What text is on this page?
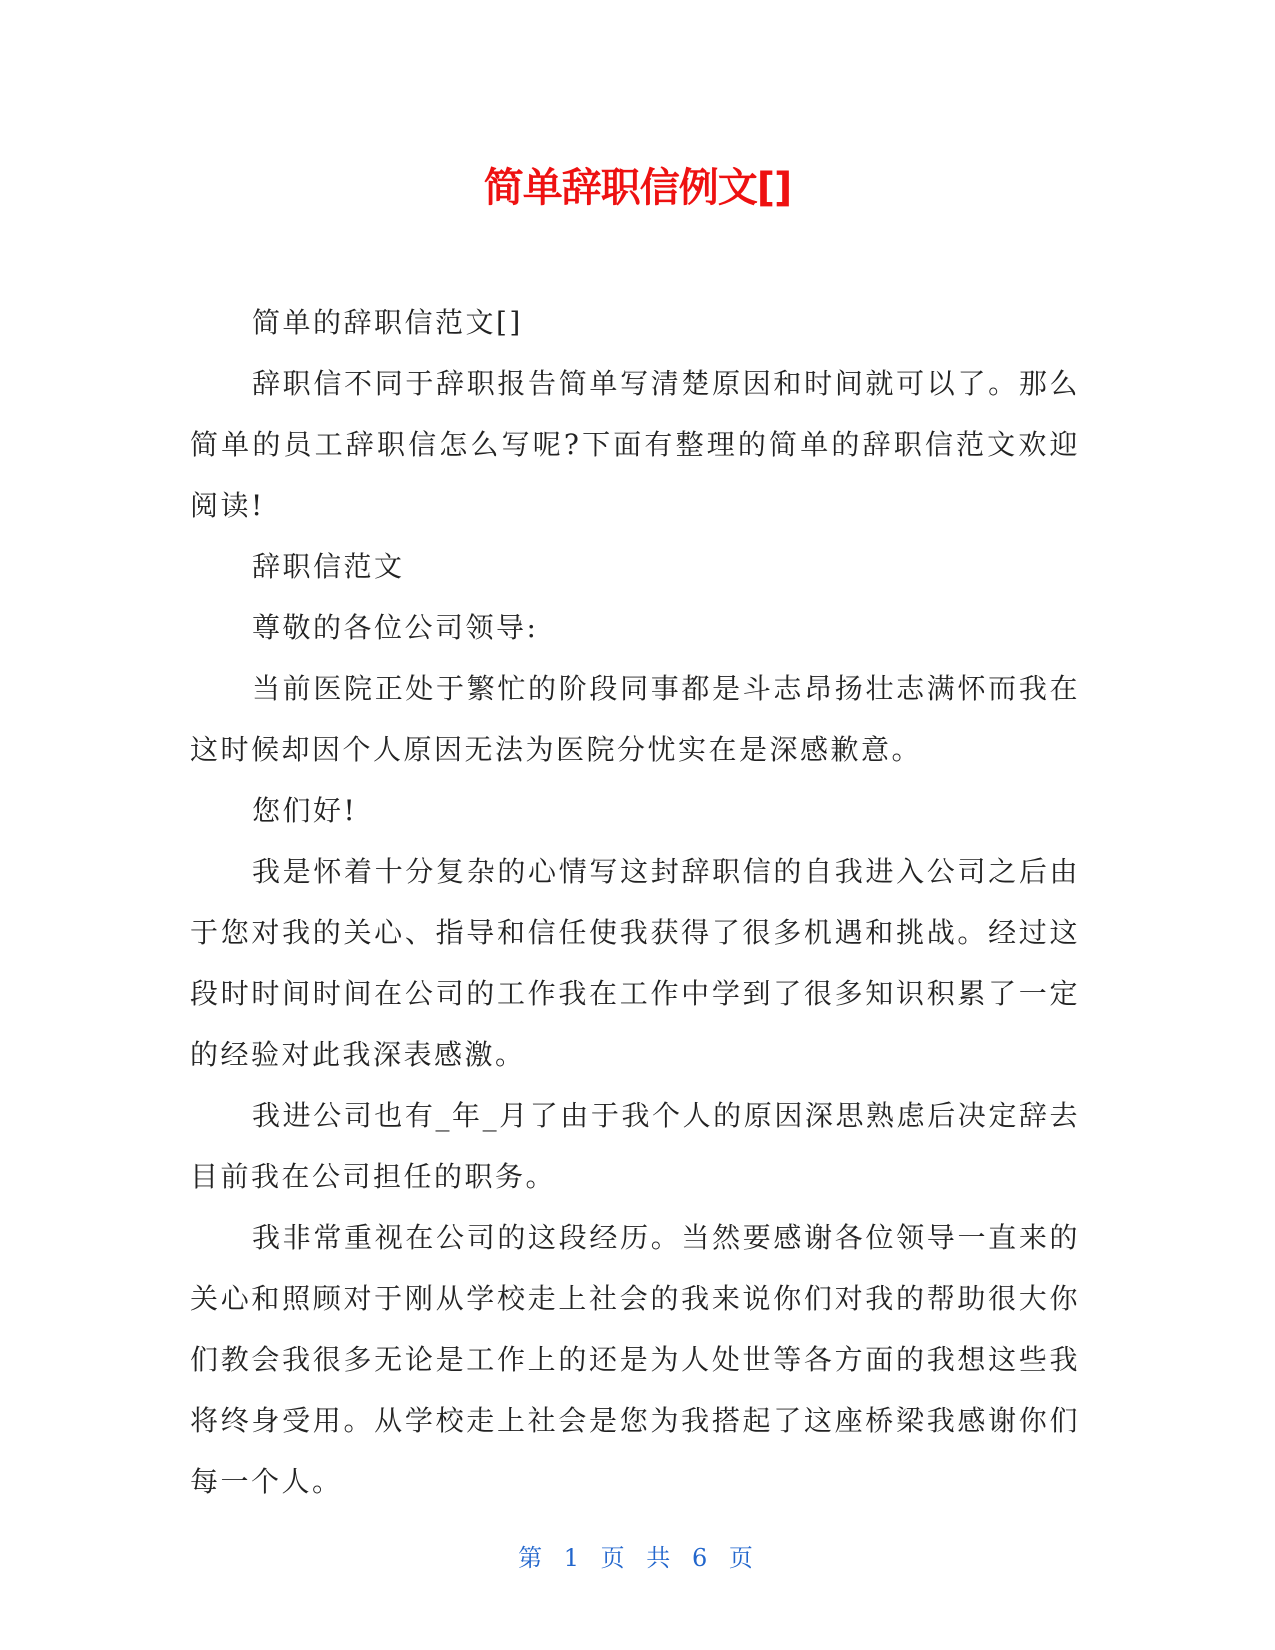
简单辞职信例文[]

简单的辞职信范文[]

辞职信不同于辞职报告简单写清楚原因和时间就可以了。那么简单的员工辞职信怎么写呢?下面有整理的简单的辞职信范文欢迎阅读!

辞职信范文

尊敬的各位公司领导:

当前医院正处于繁忙的阶段同事都是斗志昂扬壮志满怀而我在这时候却因个人原因无法为医院分忧实在是深感歉意。

您们好!

我是怀着十分复杂的心情写这封辞职信的自我进入公司之后由于您对我的关心、指导和信任使我获得了很多机遇和挑战。经过这段时时间时间在公司的工作我在工作中学到了很多知识积累了一定的经验对此我深表感激。

我进公司也有_年_月了由于我个人的原因深思熟虑后决定辞去目前我在公司担任的职务。

我非常重视在公司的这段经历。当然要感谢各位领导一直来的关心和照顾对于刚从学校走上社会的我来说你们对我的帮助很大你们教会我很多无论是工作上的还是为人处世等各方面的我想这些我将终身受用。从学校走上社会是您为我搭起了这座桥梁我感谢你们每一个人。

第 1 页 共 6 页
